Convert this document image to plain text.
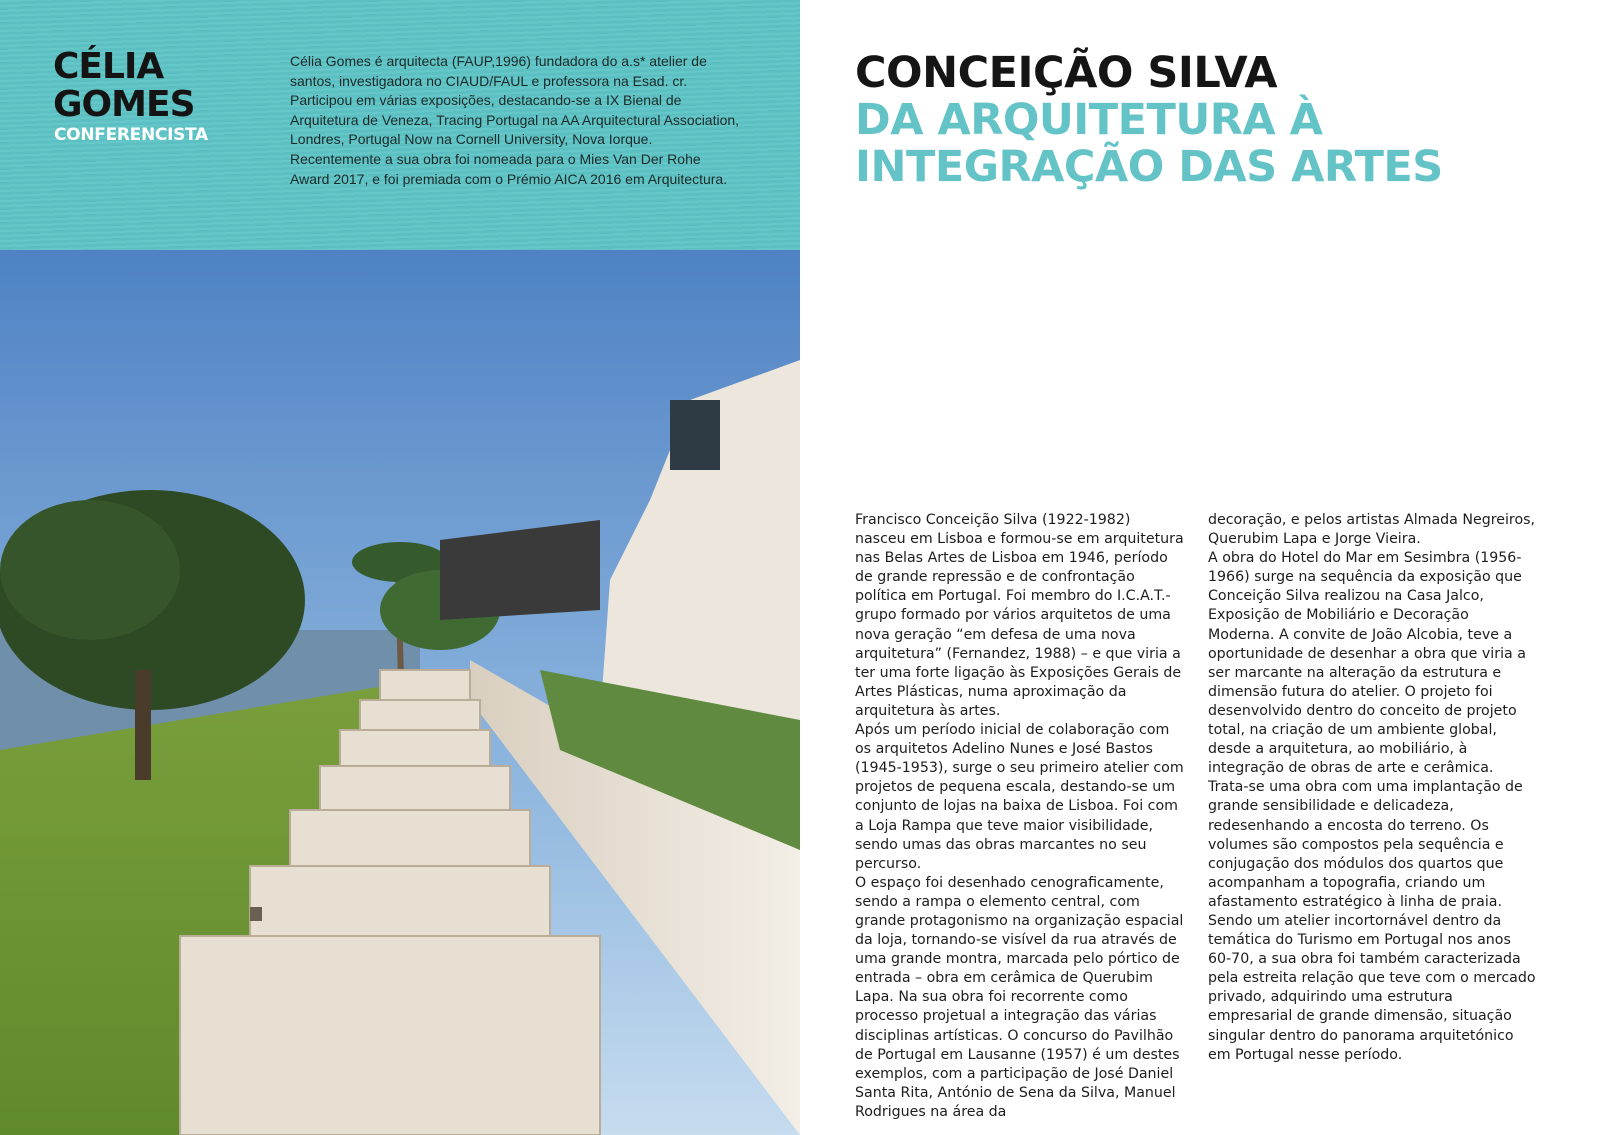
CÉLIA
GOMES
CONFERENCISTA

Célia Gomes é arquitecta (FAUP,1996) fundadora do a.s* atelier de santos, investigadora no CIAUD/FAUL e professora na Esad. cr. Participou em várias exposições, destacando-se a IX Bienal de Arquitetura de Veneza, Tracing Portugal na AA Arquitectural Association, Londres, Portugal Now na Cornell University, Nova Iorque. Recentemente a sua obra foi nomeada para o Mies Van Der Rohe Award 2017, e foi premiada com o Prémio AICA 2016 em Arquitectura.

CONCEIÇÃO SILVA
DA ARQUITETURA À
INTEGRAÇÃO DAS ARTES

Francisco Conceição Silva (1922-1982) nasceu em Lisboa e formou-se em arquitetura nas Belas Artes de Lisboa em 1946, período de grande repressão e de confrontação política em Portugal. Foi membro do I.C.A.T.- grupo formado por vários arquitetos de uma nova geração “em defesa de uma nova arquitetura” (Fernandez, 1988) – e que viria a ter uma forte ligação às Exposições Gerais de Artes Plásticas, numa aproximação da arquitetura às artes.

Após um período inicial de colaboração com os arquitetos Adelino Nunes e José Bastos (1945-1953), surge o seu primeiro atelier com projetos de pequena escala, destando-se um conjunto de lojas na baixa de Lisboa. Foi com a Loja Rampa que teve maior visibilidade, sendo umas das obras marcantes no seu percurso.

O espaço foi desenhado cenograficamente, sendo a rampa o elemento central, com grande protagonismo na organização espacial da loja, tornando-se visível da rua através de uma grande montra, marcada pelo pórtico de entrada – obra em cerâmica de Querubim Lapa. Na sua obra foi recorrente como processo projetual a integração das várias disciplinas artísticas. O concurso do Pavilhão de Portugal em Lausanne (1957) é um destes exemplos, com a participação de José Daniel Santa Rita, António de Sena da Silva, Manuel Rodrigues na área da

decoração, e pelos artistas Almada Negreiros, Querubim Lapa e Jorge Vieira.

A obra do Hotel do Mar em Sesimbra (1956-1966) surge na sequência da exposição que Conceição Silva realizou na Casa Jalco, Exposição de Mobiliário e Decoração Moderna. A convite de João Alcobia, teve a oportunidade de desenhar a obra que viria a ser marcante na alteração da estrutura e dimensão futura do atelier. O projeto foi desenvolvido dentro do conceito de projeto total, na criação de um ambiente global, desde a arquitetura, ao mobiliário, à integração de obras de arte e cerâmica. Trata-se uma obra com uma implantação de grande sensibilidade e delicadeza, redesenhando a encosta do terreno. Os volumes são compostos pela sequência e conjugação dos módulos dos quartos que acompanham a topografia, criando um afastamento estratégico à linha de praia.

Sendo um atelier incortornável dentro da temática do Turismo em Portugal nos anos 60-70, a sua obra foi também caracterizada pela estreita relação que teve com o mercado privado, adquirindo uma estrutura empresarial de grande dimensão, situação singular dentro do panorama arquitetónico em Portugal nesse período.
